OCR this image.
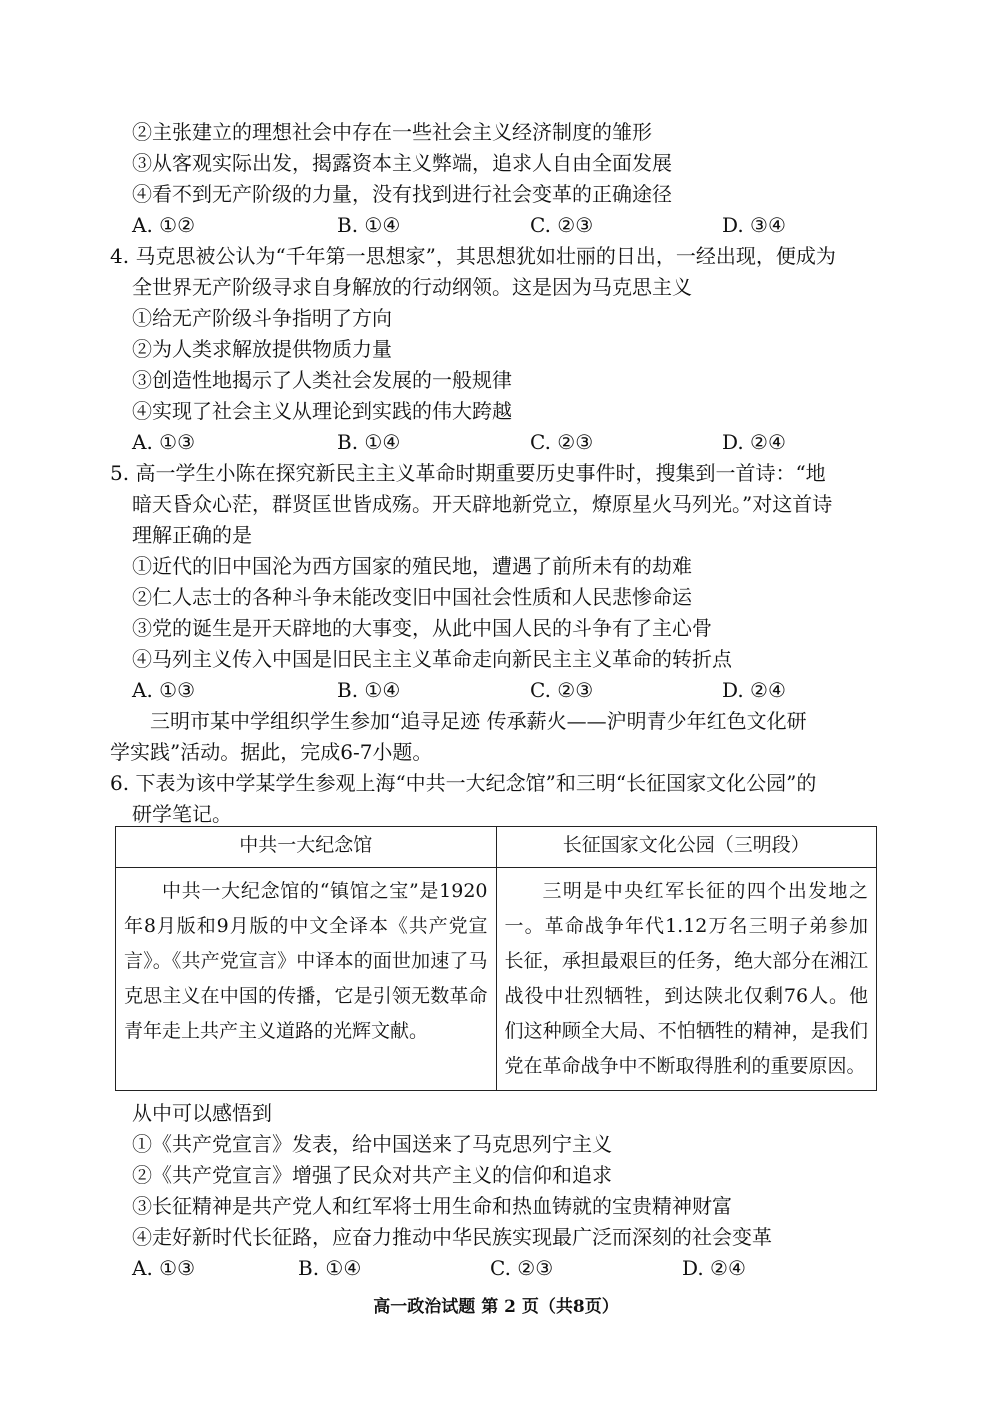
②主张建立的理想社会中存在一些社会主义经济制度的雏形
③从客观实际出发，揭露资本主义弊端，追求人自由全面发展
④看不到无产阶级的力量，没有找到进行社会变革的正确途径
A. ①②	B. ①④	C. ②③	D. ③④
4. 马克思被公认为“千年第一思想家”，其思想犹如壮丽的日出，一经出现，便成为
全世界无产阶级寻求自身解放的行动纲领。这是因为马克思主义
①给无产阶级斗争指明了方向
②为人类求解放提供物质力量
③创造性地揭示了人类社会发展的一般规律
④实现了社会主义从理论到实践的伟大跨越
A. ①③	B. ①④	C. ②③	D. ②④
5. 高一学生小陈在探究新民主主义革命时期重要历史事件时，搜集到一首诗：“地
暗天昏众心茫，群贤匡世皆成殇。开天辟地新党立，燎原星火马列光。”对这首诗
理解正确的是
①近代的旧中国沦为西方国家的殖民地，遭遇了前所未有的劫难
②仁人志士的各种斗争未能改变旧中国社会性质和人民悲惨命运
③党的诞生是开天辟地的大事变，从此中国人民的斗争有了主心骨
④马列主义传入中国是旧民主主义革命走向新民主主义革命的转折点
A. ①③	B. ①④	C. ②③	D. ②④
三明市某中学组织学生参加“追寻足迹 传承薪火——沪明青少年红色文化研
学实践”活动。据此，完成6-7小题。
6. 下表为该中学某学生参观上海“中共一大纪念馆”和三明“长征国家文化公园”的
研学笔记。
中共一大纪念馆	长征国家文化公园（三明段）
中共一大纪念馆的“镇馆之宝”是1920年8月版和9月版的中文全译本《共产党宣言》。《共产党宣言》中译本的面世加速了马克思主义在中国的传播，它是引领无数革命青年走上共产主义道路的光辉文献。	三明是中央红军长征的四个出发地之一。革命战争年代1.12万名三明子弟参加长征，承担最艰巨的任务，绝大部分在湘江战役中壮烈牺牲，到达陕北仅剩76人。他们这种顾全大局、不怕牺牲的精神，是我们党在革命战争中不断取得胜利的重要原因。
从中可以感悟到
①《共产党宣言》发表，给中国送来了马克思列宁主义
②《共产党宣言》增强了民众对共产主义的信仰和追求
③长征精神是共产党人和红军将士用生命和热血铸就的宝贵精神财富
④走好新时代长征路，应奋力推动中华民族实现最广泛而深刻的社会变革
A. ①③	B. ①④	C. ②③	D. ②④
高一政治试题 第 2 页（共8页）
